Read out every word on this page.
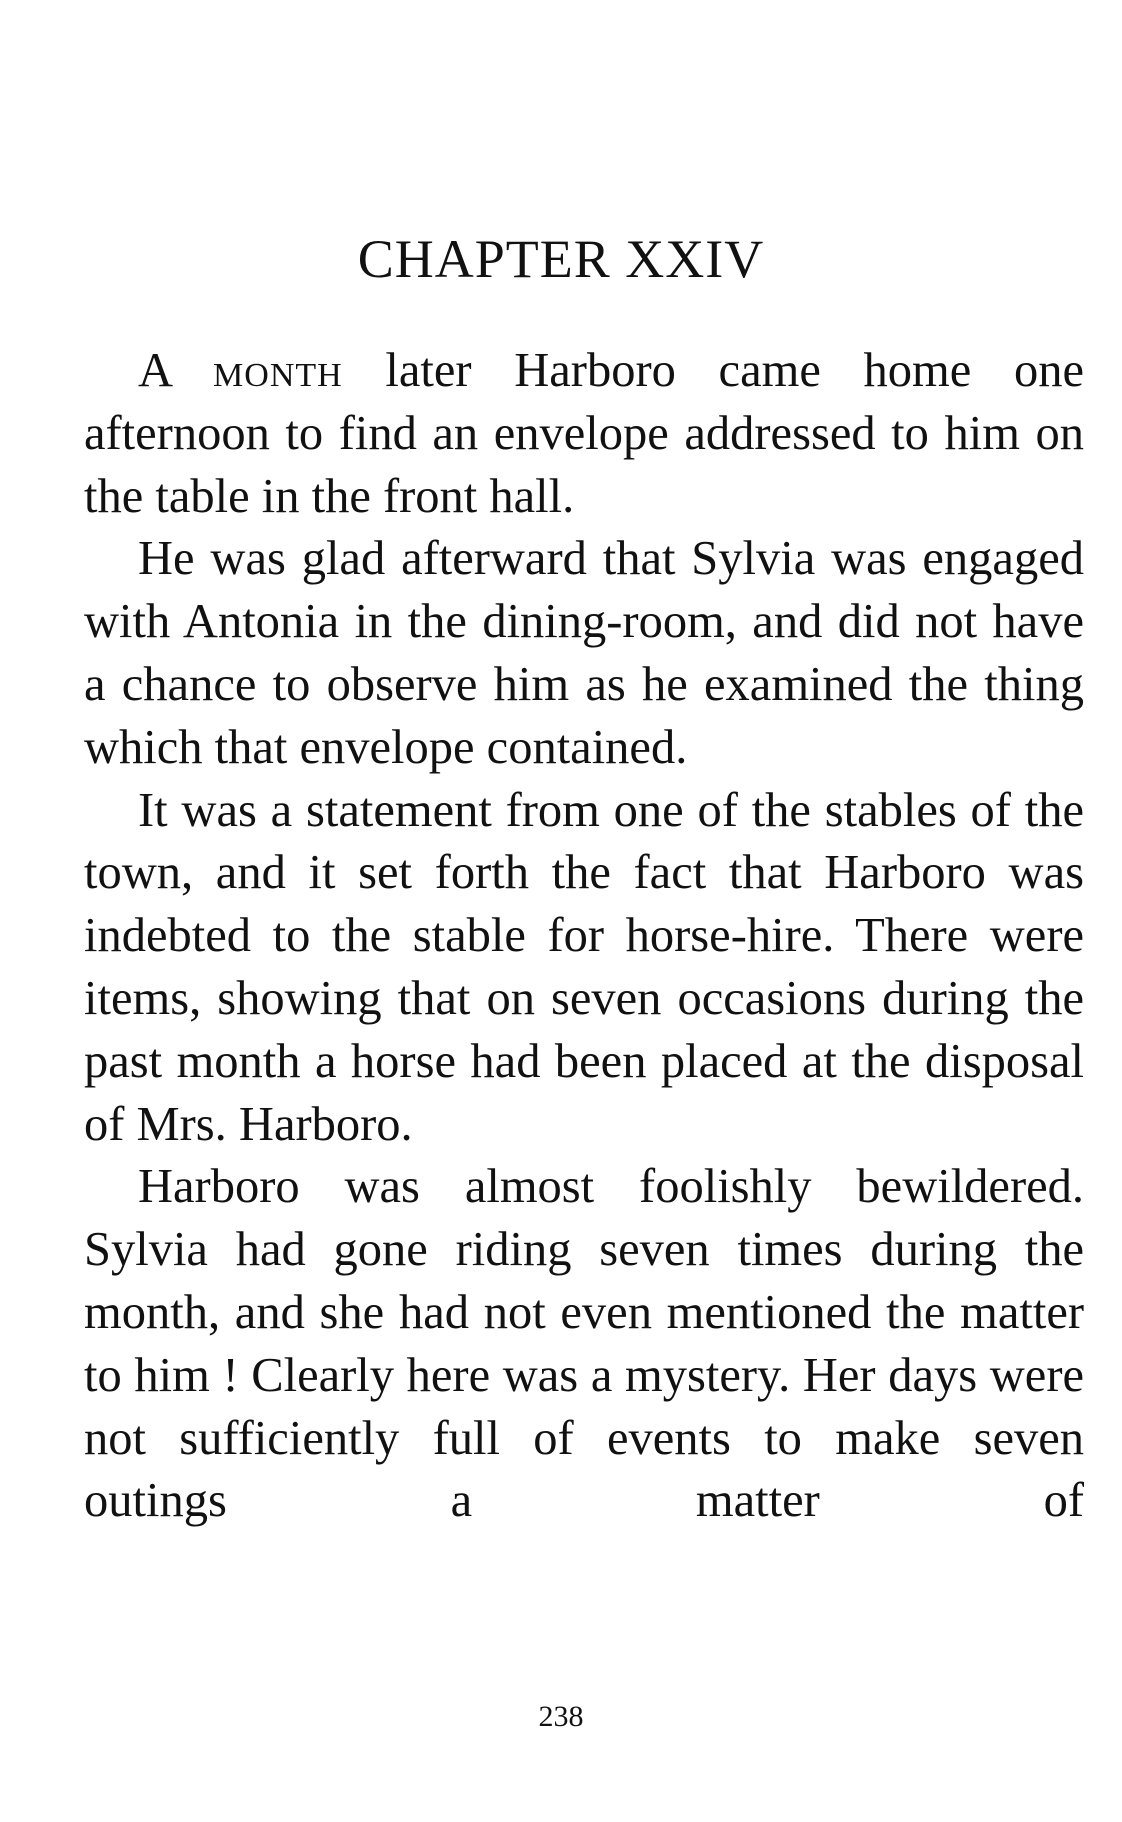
CHAPTER XXIV

A month later Harboro came home one afternoon to find an envelope addressed to him on the table in the front hall.

He was glad afterward that Sylvia was engaged with Antonia in the dining-room, and did not have a chance to observe him as he examined the thing which that envelope contained.

It was a statement from one of the stables of the town, and it set forth the fact that Harboro was indebted to the stable for horse-hire. There were items, showing that on seven occasions during the past month a horse had been placed at the disposal of Mrs. Harboro.

Harboro was almost foolishly bewildered. Sylvia had gone riding seven times during the month, and she had not even mentioned the matter to him ! Clearly here was a mystery. Her days were not sufficiently full of events to make seven outings a matter of

238
